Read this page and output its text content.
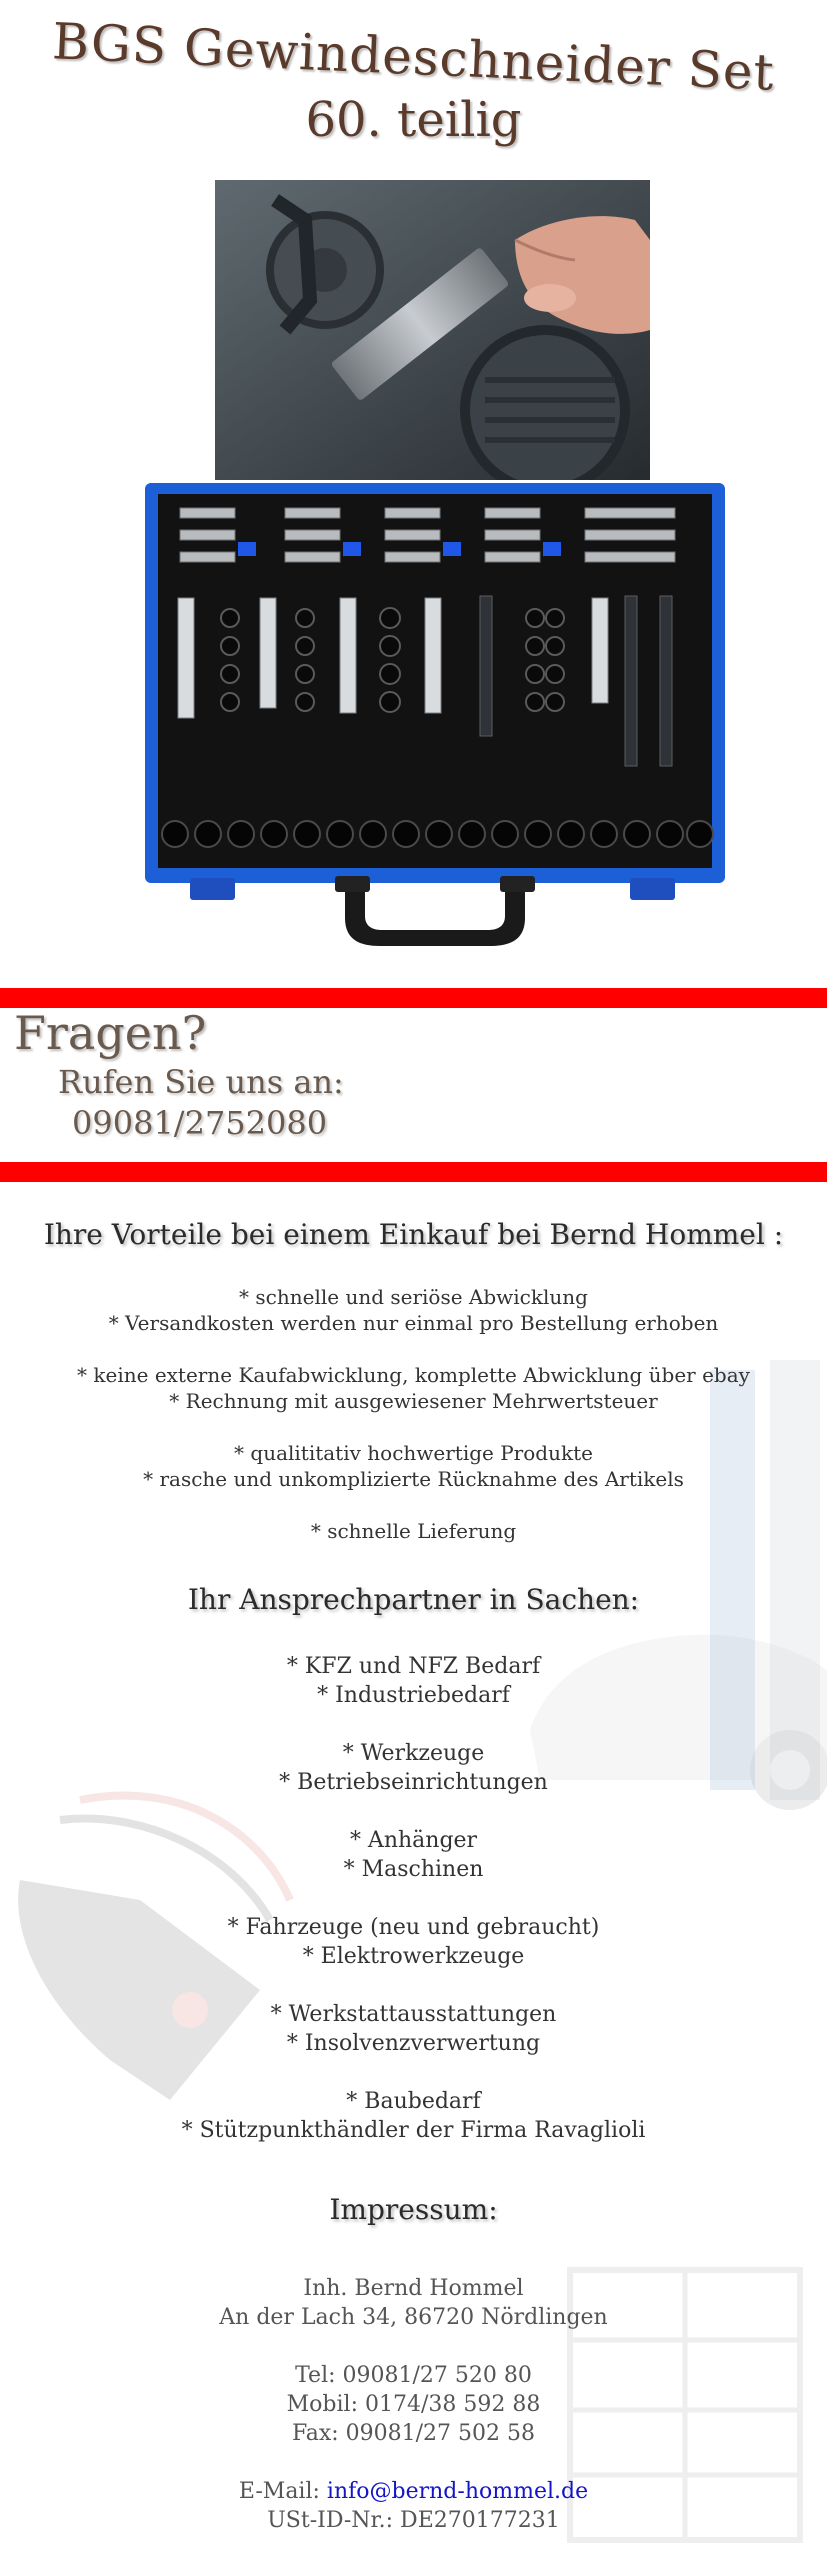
BGS Gewindeschneider Set
60. teilig
Fragen?
Rufen Sie uns an:
09081/2752080
Ihre Vorteile bei einem Einkauf bei Bernd Hommel :
* schnelle und seriöse Abwicklung
* Versandkosten werden nur einmal pro Bestellung erhoben
* keine externe Kaufabwicklung, komplette Abwicklung über ebay
* Rechnung mit ausgewiesener Mehrwertsteuer
* qualititativ hochwertige Produkte
* rasche und unkomplizierte Rücknahme des Artikels
* schnelle Lieferung
Ihr Ansprechpartner in Sachen:
* KFZ und NFZ Bedarf
* Industriebedarf
* Werkzeuge
* Betriebseinrichtungen
* Anhänger
* Maschinen
* Fahrzeuge (neu und gebraucht)
* Elektrowerkzeuge
* Werkstattausstattungen
* Insolvenzverwertung
* Baubedarf
* Stützpunkthändler der Firma Ravaglioli
Impressum:
Inh. Bernd Hommel
An der Lach 34, 86720 Nördlingen
Tel: 09081/27 520 80
Mobil: 0174/38 592 88
Fax: 09081/27 502 58
E-Mail: info@bernd-hommel.de
USt-ID-Nr.: DE270177231
